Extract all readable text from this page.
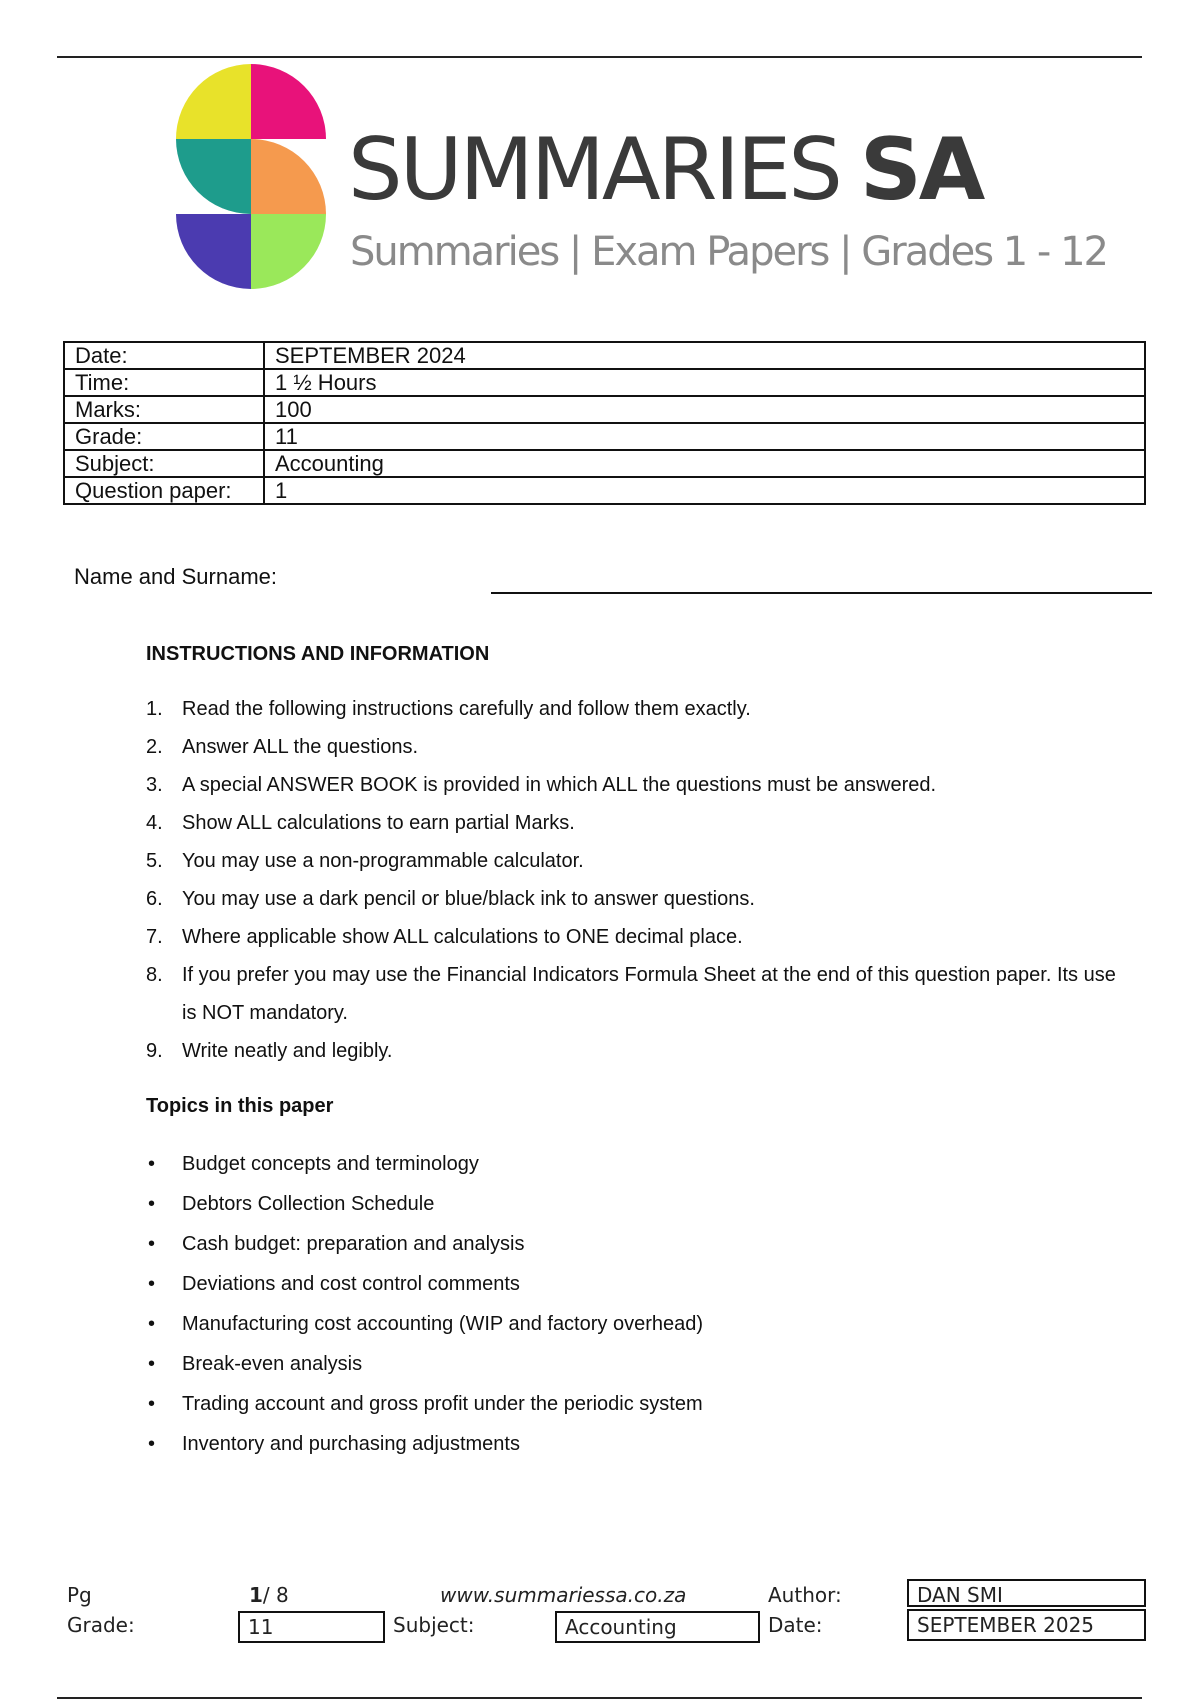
SUMMARIES SA
Summaries | Exam Papers | Grades 1 - 12
Date:	SEPTEMBER 2024
Time:	1 ½ Hours
Marks:	100
Grade:	11
Subject:	Accounting
Question paper:	1
Name and Surname:
INSTRUCTIONS AND INFORMATION
1. Read the following instructions carefully and follow them exactly.
2. Answer ALL the questions.
3. A special ANSWER BOOK is provided in which ALL the questions must be answered.
4. Show ALL calculations to earn partial Marks.
5. You may use a non-programmable calculator.
6. You may use a dark pencil or blue/black ink to answer questions.
7. Where applicable show ALL calculations to ONE decimal place.
8. If you prefer you may use the Financial Indicators Formula Sheet at the end of this question paper. Its use is NOT mandatory.
9. Write neatly and legibly.
Topics in this paper
• Budget concepts and terminology
• Debtors Collection Schedule
• Cash budget: preparation and analysis
• Deviations and cost control comments
• Manufacturing cost accounting (WIP and factory overhead)
• Break-even analysis
• Trading account and gross profit under the periodic system
• Inventory and purchasing adjustments
Pg	1/ 8	www.summariessa.co.za	Author:	DAN SMI
Grade:	11	Subject:	Accounting	Date:	SEPTEMBER 2025
